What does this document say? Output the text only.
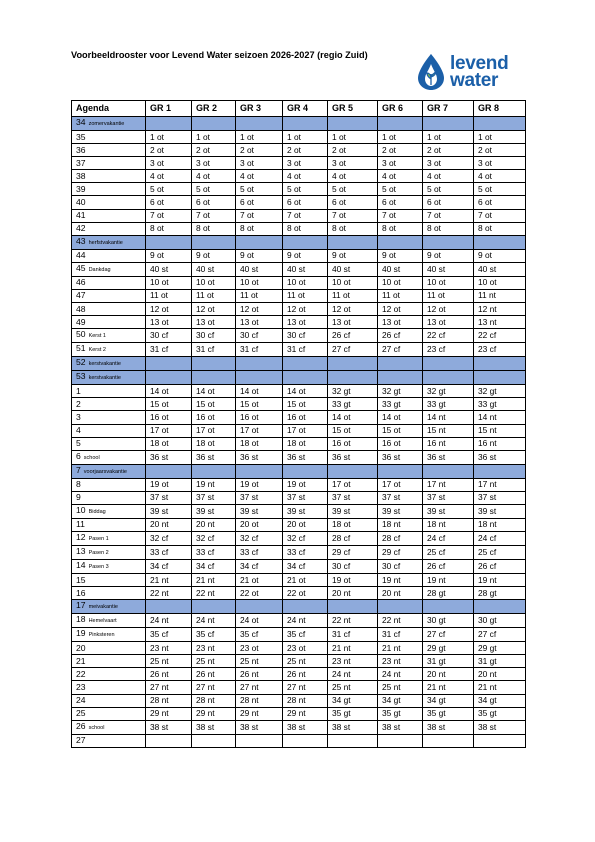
Voorbeeldrooster voor Levend Water seizoen 2026-2027 (regio Zuid)	levend
water
Agenda	GR 1	GR 2	GR 3	GR 4	GR 5	GR 6	GR 7	GR 8
34 zomervakantie								
35	1 ot	1 ot	1 ot	1 ot	1 ot	1 ot	1 ot	1 ot
36	2 ot	2 ot	2 ot	2 ot	2 ot	2 ot	2 ot	2 ot
37	3 ot	3 ot	3 ot	3 ot	3 ot	3 ot	3 ot	3 ot
38	4 ot	4 ot	4 ot	4 ot	4 ot	4 ot	4 ot	4 ot
39	5 ot	5 ot	5 ot	5 ot	5 ot	5 ot	5 ot	5 ot
40	6 ot	6 ot	6 ot	6 ot	6 ot	6 ot	6 ot	6 ot
41	7 ot	7 ot	7 ot	7 ot	7 ot	7 ot	7 ot	7 ot
42	8 ot	8 ot	8 ot	8 ot	8 ot	8 ot	8 ot	8 ot
43 herfstvakantie								
44	9 ot	9 ot	9 ot	9 ot	9 ot	9 ot	9 ot	9 ot
45 Dankdag	40 st	40 st	40 st	40 st	40 st	40 st	40 st	40 st
46	10 ot	10 ot	10 ot	10 ot	10 ot	10 ot	10 ot	10 ot
47	11 ot	11 ot	11 ot	11 ot	11 ot	11 ot	11 ot	11 nt
48	12 ot	12 ot	12 ot	12 ot	12 ot	12 ot	12 ot	12 nt
49	13 ot	13 ot	13 ot	13 ot	13 ot	13 ot	13 ot	13 nt
50 Kerst 1	30 cf	30 cf	30 cf	30 cf	26 cf	26 cf	22 cf	22 cf
51 Kerst 2	31 cf	31 cf	31 cf	31 cf	27 cf	27 cf	23 cf	23 cf
52 kerstvakantie								
53 kerstvakantie								
1	14 ot	14 ot	14 ot	14 ot	32 gt	32 gt	32 gt	32 gt
2	15 ot	15 ot	15 ot	15 ot	33 gt	33 gt	33 gt	33 gt
3	16 ot	16 ot	16 ot	16 ot	14 ot	14 ot	14 nt	14 nt
4	17 ot	17 ot	17 ot	17 ot	15 ot	15 ot	15 nt	15 nt
5	18 ot	18 ot	18 ot	18 ot	16 ot	16 ot	16 nt	16 nt
6 school	36 st	36 st	36 st	36 st	36 st	36 st	36 st	36 st
7 voorjaarsvakantie								
8	19 ot	19 nt	19 ot	19 ot	17 ot	17 ot	17 nt	17 nt
9	37 st	37 st	37 st	37 st	37 st	37 st	37 st	37 st
10 Biddag	39 st	39 st	39 st	39 st	39 st	39 st	39 st	39 st
11	20 nt	20 nt	20 ot	20 ot	18 ot	18 nt	18 nt	18 nt
12 Pasen 1	32 cf	32 cf	32 cf	32 cf	28 cf	28 cf	24 cf	24 cf
13 Pasen 2	33 cf	33 cf	33 cf	33 cf	29 cf	29 cf	25 cf	25 cf
14 Pasen 3	34 cf	34 cf	34 cf	34 cf	30 cf	30 cf	26 cf	26 cf
15	21 nt	21 nt	21 ot	21 ot	19 ot	19 nt	19 nt	19 nt
16	22 nt	22 nt	22 ot	22 ot	20 nt	20 nt	28 gt	28 gt
17 meivakantie								
18 Hemelvaart	24 nt	24 nt	24 ot	24 nt	22 nt	22 nt	30 gt	30 gt
19 Pinksteren	35 cf	35 cf	35 cf	35 cf	31 cf	31 cf	27 cf	27 cf
20	23 nt	23 nt	23 ot	23 ot	21 nt	21 nt	29 gt	29 gt
21	25 nt	25 nt	25 nt	25 nt	23 nt	23 nt	31 gt	31 gt
22	26 nt	26 nt	26 nt	26 nt	24 nt	24 nt	20 nt	20 nt
23	27 nt	27 nt	27 nt	27 nt	25 nt	25 nt	21 nt	21 nt
24	28 nt	28 nt	28 nt	28 nt	34 gt	34 gt	34 gt	34 gt
25	29 nt	29 nt	29 nt	29 nt	35 gt	35 gt	35 gt	35 gt
26 school	38 st	38 st	38 st	38 st	38 st	38 st	38 st	38 st
27								
